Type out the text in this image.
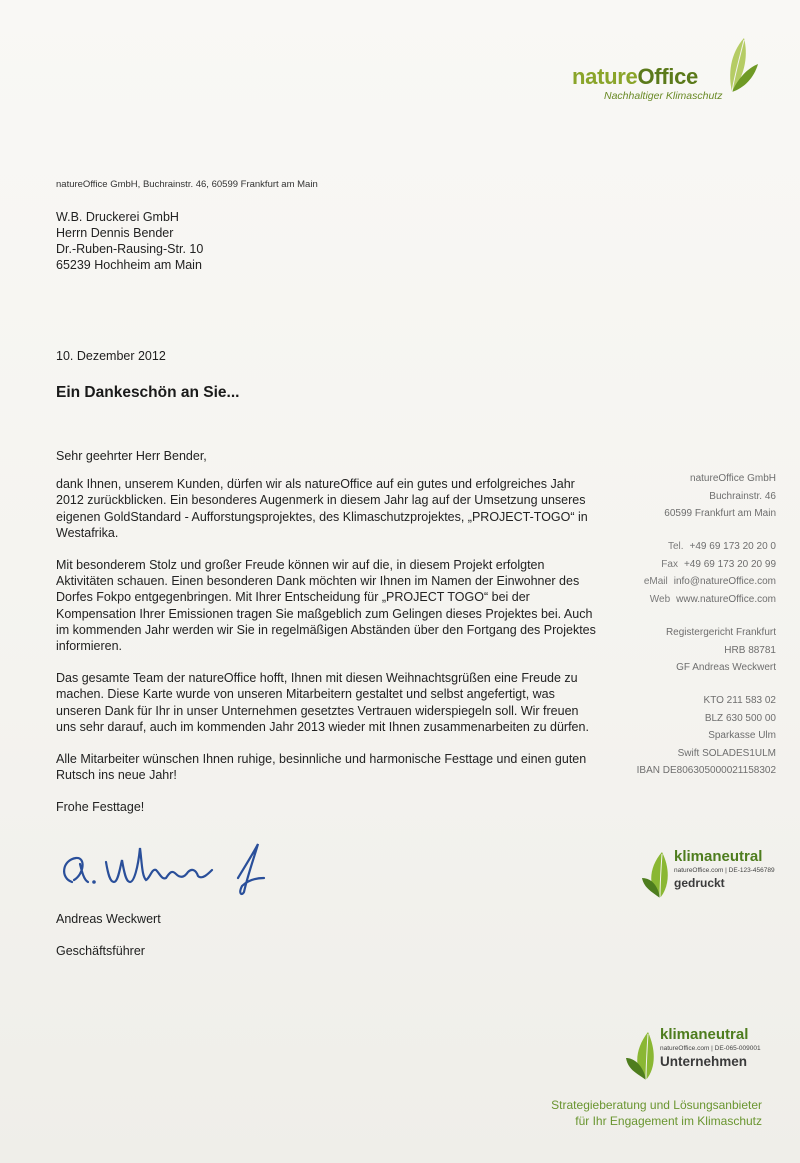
natureOffice
Nachhaltiger Klimaschutz
natureOffice GmbH, Buchrainstr. 46, 60599 Frankfurt am Main
W.B. Druckerei GmbH
Herrn Dennis Bender
Dr.-Ruben-Rausing-Str. 10
65239 Hochheim am Main
10. Dezember 2012
Ein Dankeschön an Sie...

Sehr geehrter Herr Bender,

dank Ihnen, unserem Kunden, dürfen wir als natureOffice auf ein gutes und erfolgreiches Jahr 2012 zurückblicken. Ein besonderes Augenmerk in diesem Jahr lag auf der Umsetzung unseres eigenen GoldStandard - Aufforstungsprojektes, des Klimaschutzprojektes, „PROJECT-TOGO“ in Westafrika.

Mit besonderem Stolz und großer Freude können wir auf die, in diesem Projekt erfolgten Aktivitäten schauen. Einen besonderen Dank möchten wir Ihnen im Namen der Einwohner des Dorfes Fokpo entgegenbringen. Mit Ihrer Entscheidung für „PROJECT TOGO“ bei der Kompensation Ihrer Emissionen tragen Sie maßgeblich zum Gelingen dieses Projektes bei. Auch im kommenden Jahr werden wir Sie in regelmäßigen Abständen über den Fortgang des Projektes informieren.

Das gesamte Team der natureOffice hofft, Ihnen mit diesen Weihnachtsgrüßen eine Freude zu machen. Diese Karte wurde von unseren Mitarbeitern gestaltet und selbst angefertigt, was unseren Dank für Ihr in unser Unternehmen gesetztes Vertrauen widerspiegeln soll. Wir freuen uns sehr darauf, auch im kommenden Jahr 2013 wieder mit Ihnen zusammenarbeiten zu dürfen.

Alle Mitarbeiter wünschen Ihnen ruhige, besinnliche und harmonische Festtage und einen guten Rutsch ins neue Jahr!

Frohe Festtage!

Andreas Weckwert
Geschäftsführer
natureOffice GmbH
Buchrainstr. 46
60599 Frankfurt am Main
Tel. +49 69 173 20 20 0
Fax +49 69 173 20 20 99
eMail info@natureOffice.com
Web www.natureOffice.com
Registergericht Frankfurt
HRB 88781
GF Andreas Weckwert
KTO 211 583 02
BLZ 630 500 00
Sparkasse Ulm
Swift SOLADES1ULM
IBAN DE80630500002115830​2
klimaneutral
natureOffice.com | DE-123-456789
gedruckt
klimaneutral
natureOffice.com | DE-065-009001
Unternehmen
Strategieberatung und Lösungsanbieter
für Ihr Engagement im Klimaschutz
